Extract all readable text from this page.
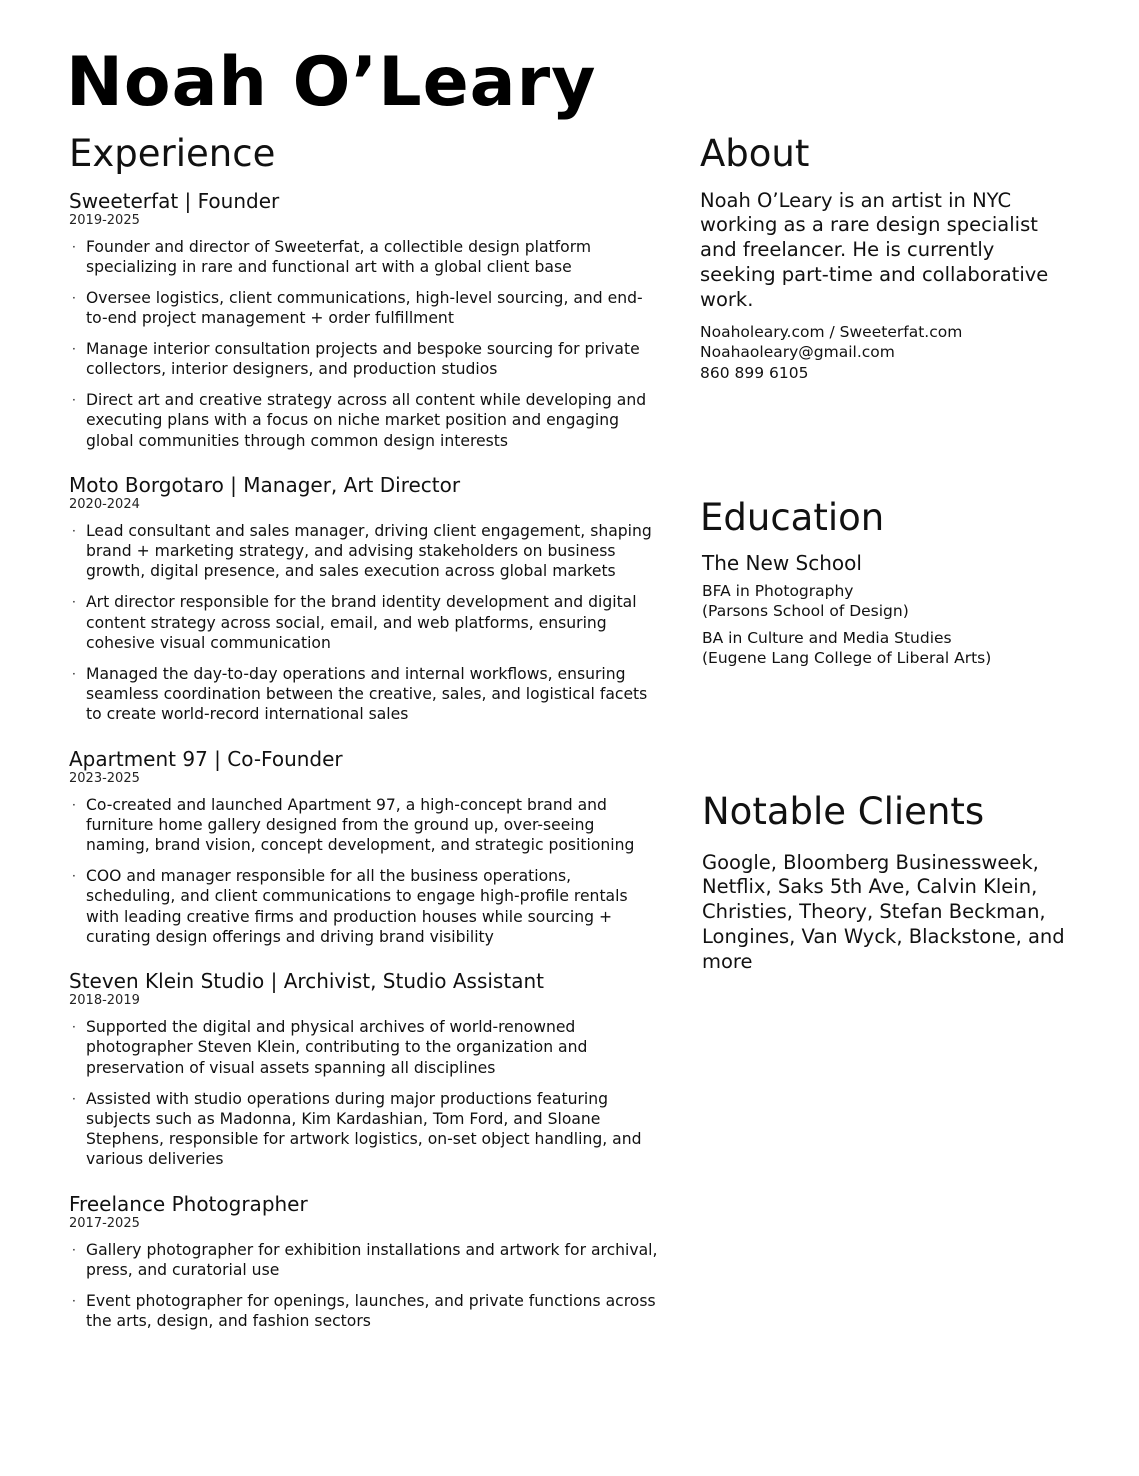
Noah O’Leary
Experience
Sweeterfat | Founder
2019-2025
· Founder and director of Sweeterfat, a collectible design platform specializing in rare and functional art with a global client base
· Oversee logistics, client communications, high-level sourcing, and end-to-end project management + order fulfillment
· Manage interior consultation projects and bespoke sourcing for private collectors, interior designers, and production studios
· Direct art and creative strategy across all content while developing and executing plans with a focus on niche market position and engaging global communities through common design interests
Moto Borgotaro | Manager, Art Director
2020-2024
· Lead consultant and sales manager, driving client engagement, shaping brand + marketing strategy, and advising stakeholders on business growth, digital presence, and sales execution across global markets
· Art director responsible for the brand identity development and digital content strategy across social, email, and web platforms, ensuring cohesive visual communication
· Managed the day-to-day operations and internal workflows, ensuring seamless coordination between the creative, sales, and logistical facets to create world-record international sales
Apartment 97 | Co-Founder
2023-2025
· Co-created and launched Apartment 97, a high-concept brand and furniture home gallery designed from the ground up, over-seeing naming, brand vision, concept development, and strategic positioning
· COO and manager responsible for all the business operations, scheduling, and client communications to engage high-profile rentals with leading creative firms and production houses while sourcing + curating design offerings and driving brand visibility
Steven Klein Studio | Archivist, Studio Assistant
2018-2019
· Supported the digital and physical archives of world-renowned photographer Steven Klein, contributing to the organization and preservation of visual assets spanning all disciplines
· Assisted with studio operations during major productions featuring subjects such as Madonna, Kim Kardashian, Tom Ford, and Sloane Stephens, responsible for artwork logistics, on-set object handling, and various deliveries
Freelance Photographer
2017-2025
· Gallery photographer for exhibition installations and artwork for archival, press, and curatorial use
· Event photographer for openings, launches, and private functions across the arts, design, and fashion sectors
About

Noah O’Leary is an artist in NYC working as a rare design specialist and freelancer. He is currently seeking part-time and collaborative work.

Noaholeary.com / Sweeterfat.com
Noahaoleary@gmail.com
860 899 6105
Education
The New School
BFA in Photography
(Parsons School of Design)
BA in Culture and Media Studies
(Eugene Lang College of Liberal Arts)
Notable Clients

Google, Bloomberg Businessweek, Netflix, Saks 5th Ave, Calvin Klein, Christies, Theory, Stefan Beckman, Longines, Van Wyck, Blackstone, and more
